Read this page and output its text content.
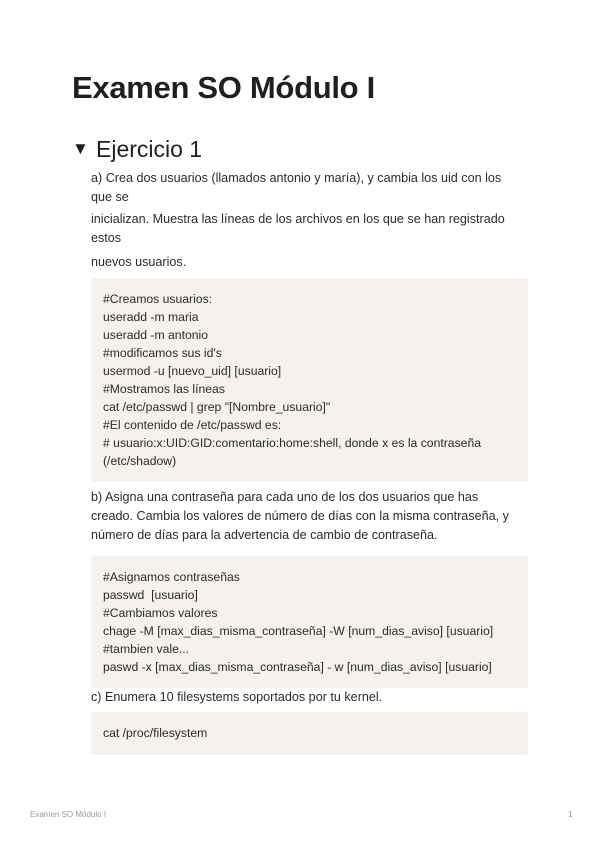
Examen SO Módulo I
▼ Ejercicio 1

a) Crea dos usuarios (llamados antonio y maría), y cambia los uid con los que se

inicializan. Muestra las líneas de los archivos en los que se han registrado estos

nuevos usuarios.

#Creamos usuarios:
useradd -m maria
useradd -m antonio
#modificamos sus id's
usermod -u [nuevo_uid] [usuario]
#Mostramos las líneas
cat /etc/passwd | grep "[Nombre_usuario]"
#El contenido de /etc/passwd es:
# usuario:x:UID:GID:comentario:home:shell, donde x es la contraseña (/etc/shadow)

b) Asigna una contraseña para cada uno de los dos usuarios que has creado. Cambia los valores de número de días con la misma contraseña, y número de días para la advertencia de cambio de contraseña.

#Asignamos contraseñas
passwd  [usuario]
#Cambiamos valores
chage -M [max_dias_misma_contraseña] -W [num_dias_aviso] [usuario]
#tambien vale...
paswd -x [max_dias_misma_contraseña] - w [num_dias_aviso] [usuario]

c) Enumera 10 filesystems soportados por tu kernel.

cat /proc/filesystem
Examen SO Módulo I	1
